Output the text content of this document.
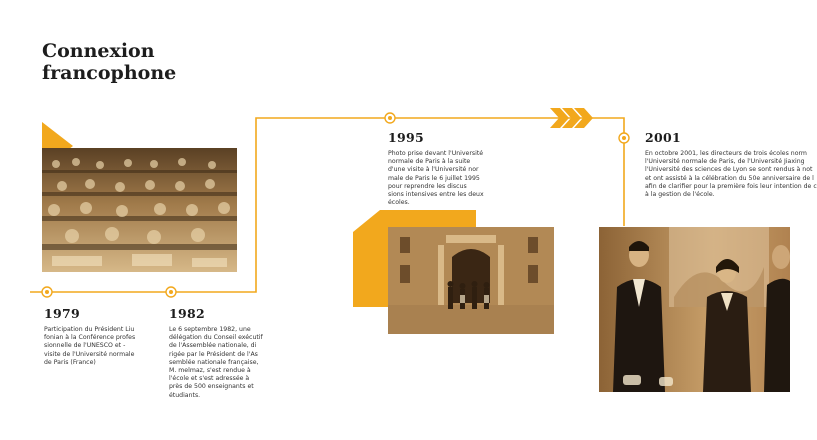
Connexion
francophone
1979	1982
1995	2001
Participation du Président Liu
fonian à la Conférence profes
sionnelle de l'UNESCO et -
visite de l'Université normale
de Paris (France)
Le 6 septembre 1982, une
délégation du Conseil exécutif
de l'Assemblée nationale, di
rigée par le Président de l'As
semblée nationale française,
M. melmaz, s'est rendue à
l'école et s'est adressée à
près de 500 enseignants et
étudiants.
Photo prise devant l'Université
normale de Paris à la suite
d'une visite à l'Université nor
male de Paris le 6 juillet 1995
pour reprendre les discus
sions intensives entre les deux
écoles.
En octobre 2001, les directeurs de trois écoles norm
l'Université normale de Paris, de l'Université Jiaxing
l'Université des sciences de Lyon se sont rendus à not
et ont assisté à la célébration du 50e anniversaire de l
afin de clarifier pour la première fois leur intention de c
à la gestion de l'école.
